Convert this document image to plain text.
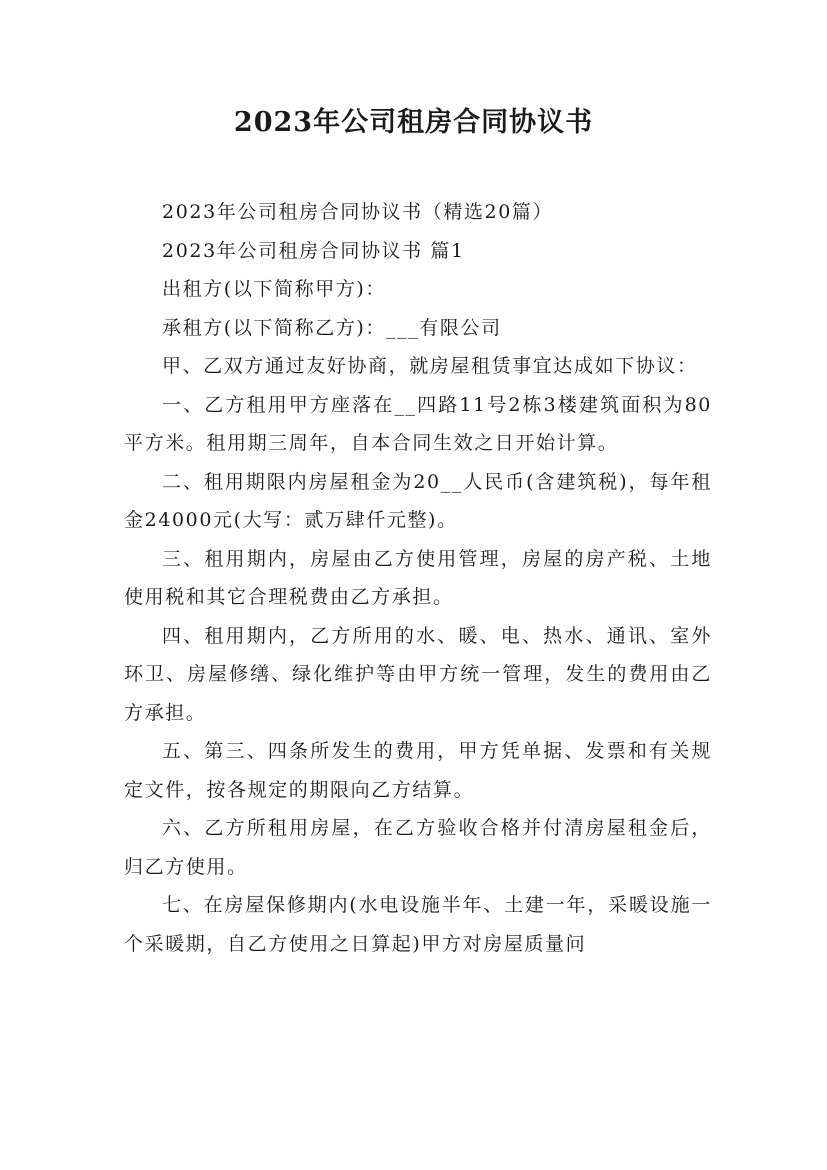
2023年公司租房合同协议书

2023年公司租房合同协议书（精选20篇）

2023年公司租房合同协议书 篇1

出租方(以下简称甲方)：

承租方(以下简称乙方)：___有限公司

甲、乙双方通过友好协商，就房屋租赁事宜达成如下协议：

一、乙方租用甲方座落在__四路11号2栋3楼建筑面积为80平方米。租用期三周年，自本合同生效之日开始计算。

二、租用期限内房屋租金为20__人民币(含建筑税)，每年租金24000元(大写：贰万肆仟元整)。

三、租用期内，房屋由乙方使用管理，房屋的房产税、土地使用税和其它合理税费由乙方承担。

四、租用期内，乙方所用的水、暖、电、热水、通讯、室外环卫、房屋修缮、绿化维护等由甲方统一管理，发生的费用由乙方承担。

五、第三、四条所发生的费用，甲方凭单据、发票和有关规定文件，按各规定的期限向乙方结算。

六、乙方所租用房屋，在乙方验收合格并付清房屋租金后，归乙方使用。

七、在房屋保修期内(水电设施半年、土建一年，采暖设施一个采暖期，自乙方使用之日算起)甲方对房屋质量问
